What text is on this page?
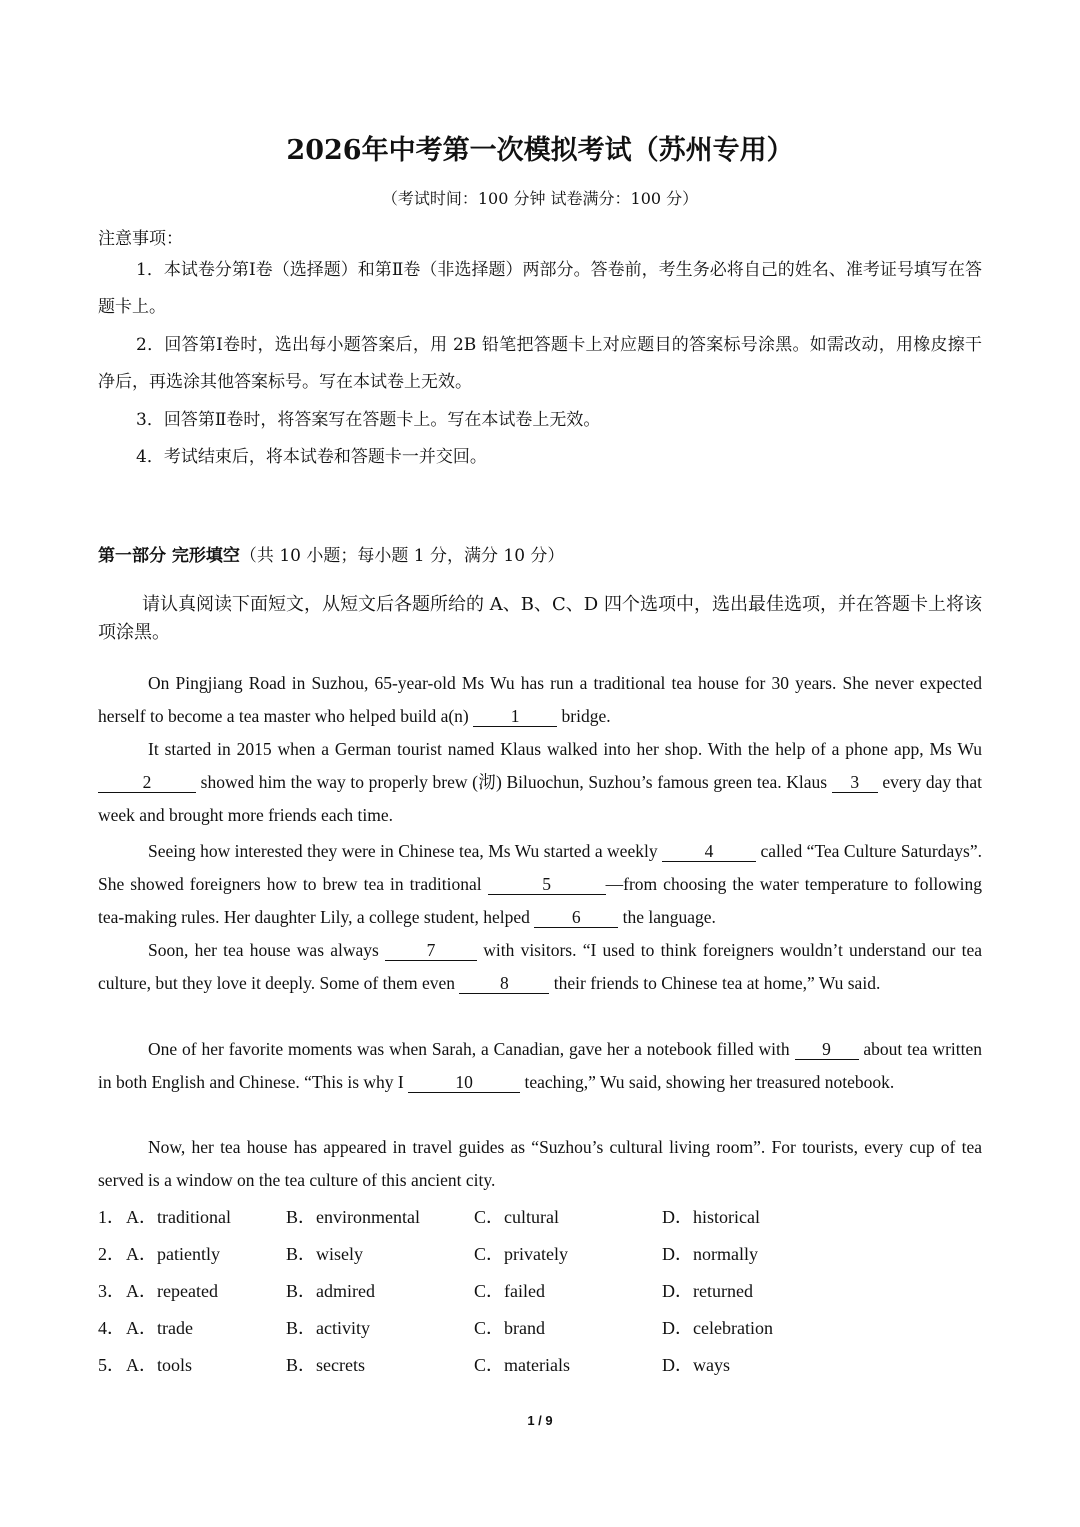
2026年中考第一次模拟考试（苏州专用）
（考试时间：100 分钟 试卷满分：100 分）
注意事项：

1．本试卷分第Ⅰ卷（选择题）和第Ⅱ卷（非选择题）两部分。答卷前，考生务必将自己的姓名、准考证号填写在答题卡上。

2．回答第Ⅰ卷时，选出每小题答案后，用 2B 铅笔把答题卡上对应题目的答案标号涂黑。如需改动，用橡皮擦干净后，再选涂其他答案标号。写在本试卷上无效。

3．回答第Ⅱ卷时，将答案写在答题卡上。写在本试卷上无效。

4．考试结束后，将本试卷和答题卡一并交回。

第一部分 完形填空（共 10 小题；每小题 1 分，满分 10 分）

请认真阅读下面短文，从短文后各题所给的 A、B、C、D 四个选项中，选出最佳选项，并在答题卡上将该项涂黑。

On Pingjiang Road in Suzhou, 65-year-old Ms Wu has run a traditional tea house for 30 years. She never expected herself to become a tea master who helped build a(n) 1 bridge.

It started in 2015 when a German tourist named Klaus walked into her shop. With the help of a phone app, Ms Wu 2	showed him the way to properly brew (沏) Biluochun, Suzhou’s famous green tea. Klaus 3 every day that week and brought more friends each time.

Seeing how interested they were in Chinese tea, Ms Wu started a weekly 4 called “Tea Culture Saturdays”. She showed foreigners how to brew tea in traditional	5	—from choosing the water temperature to following tea-making rules. Her daughter Lily, a college student, helped 6 the language.

Soon, her tea house was always 7 with visitors. “I used to think foreigners wouldn’t understand our tea culture, but they love it deeply. Some of them even 8 their friends to Chinese tea at home,” Wu said.

One of her favorite moments was when Sarah, a Canadian, gave her a notebook filled with 9 about tea written in both English and Chinese. “This is why I	10	teaching,” Wu said, showing her treasured notebook.

Now, her tea house has appeared in travel guides as “Suzhou’s cultural living room”. For tourists, every cup of tea served is a window on the tea culture of this ancient city.

1． A．traditional	B．environmental	C．cultural	D．historical
2． A．patiently	B．wisely	C．privately	D．normally
3． A．repeated	B．admired	C．failed	D．returned
4． A．trade	B．activity	C．brand	D．celebration
5． A．tools	B．secrets	C．materials	D．ways
1 / 9
